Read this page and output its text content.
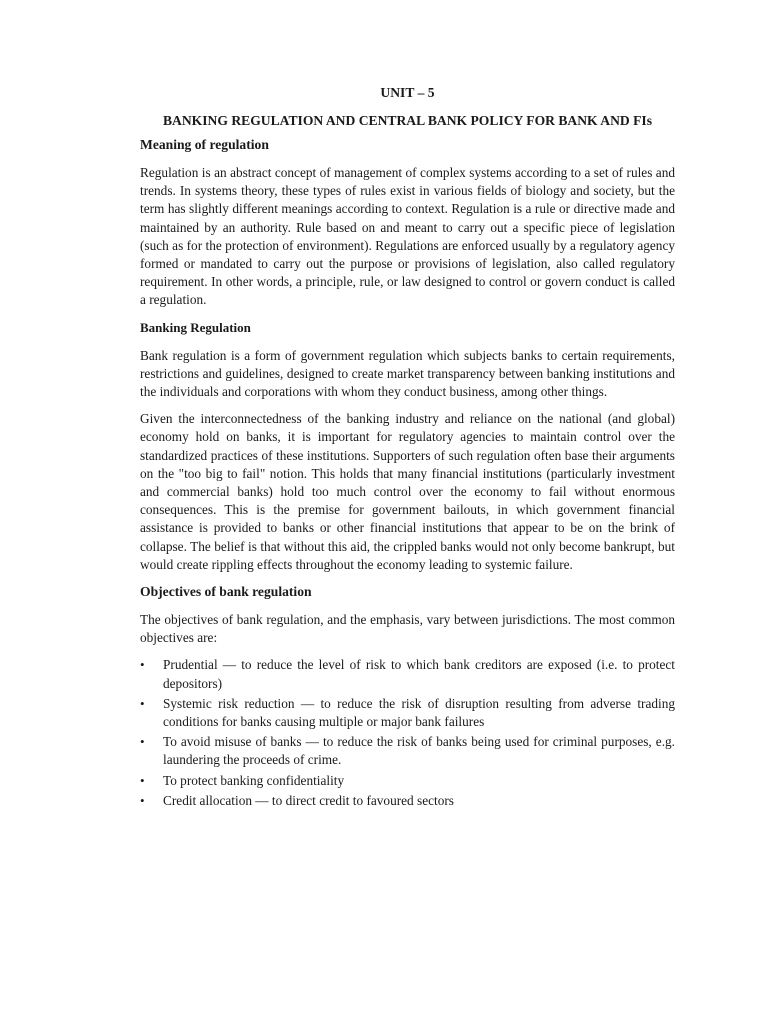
UNIT – 5
BANKING REGULATION AND CENTRAL BANK POLICY FOR BANK AND FIs
Meaning of regulation

Regulation is an abstract concept of management of complex systems according to a set of rules and trends. In systems theory, these types of rules exist in various fields of biology and society, but the term has slightly different meanings according to context. Regulation is a rule or directive made and maintained by an authority. Rule based on and meant to carry out a specific piece of legislation (such as for the protection of environment). Regulations are enforced usually by a regulatory agency formed or mandated to carry out the purpose or provisions of legislation, also called regulatory requirement. In other words, a principle, rule, or law designed to control or govern conduct is called a regulation.

Banking Regulation

Bank regulation is a form of government regulation which subjects banks to certain requirements, restrictions and guidelines, designed to create market transparency between banking institutions and the individuals and corporations with whom they conduct business, among other things.

Given the interconnectedness of the banking industry and reliance on the national (and global) economy hold on banks, it is important for regulatory agencies to maintain control over the standardized practices of these institutions. Supporters of such regulation often base their arguments on the "too big to fail" notion. This holds that many financial institutions (particularly investment and commercial banks) hold too much control over the economy to fail without enormous consequences. This is the premise for government bailouts, in which government financial assistance is provided to banks or other financial institutions that appear to be on the brink of collapse. The belief is that without this aid, the crippled banks would not only become bankrupt, but would create rippling effects throughout the economy leading to systemic failure.

Objectives of bank regulation

The objectives of bank regulation, and the emphasis, vary between jurisdictions. The most common objectives are:

• Prudential — to reduce the level of risk to which bank creditors are exposed (i.e. to protect depositors)
• Systemic risk reduction — to reduce the risk of disruption resulting from adverse trading conditions for banks causing multiple or major bank failures
• To avoid misuse of banks — to reduce the risk of banks being used for criminal purposes, e.g. laundering the proceeds of crime.
• To protect banking confidentiality
• Credit allocation — to direct credit to favoured sectors
